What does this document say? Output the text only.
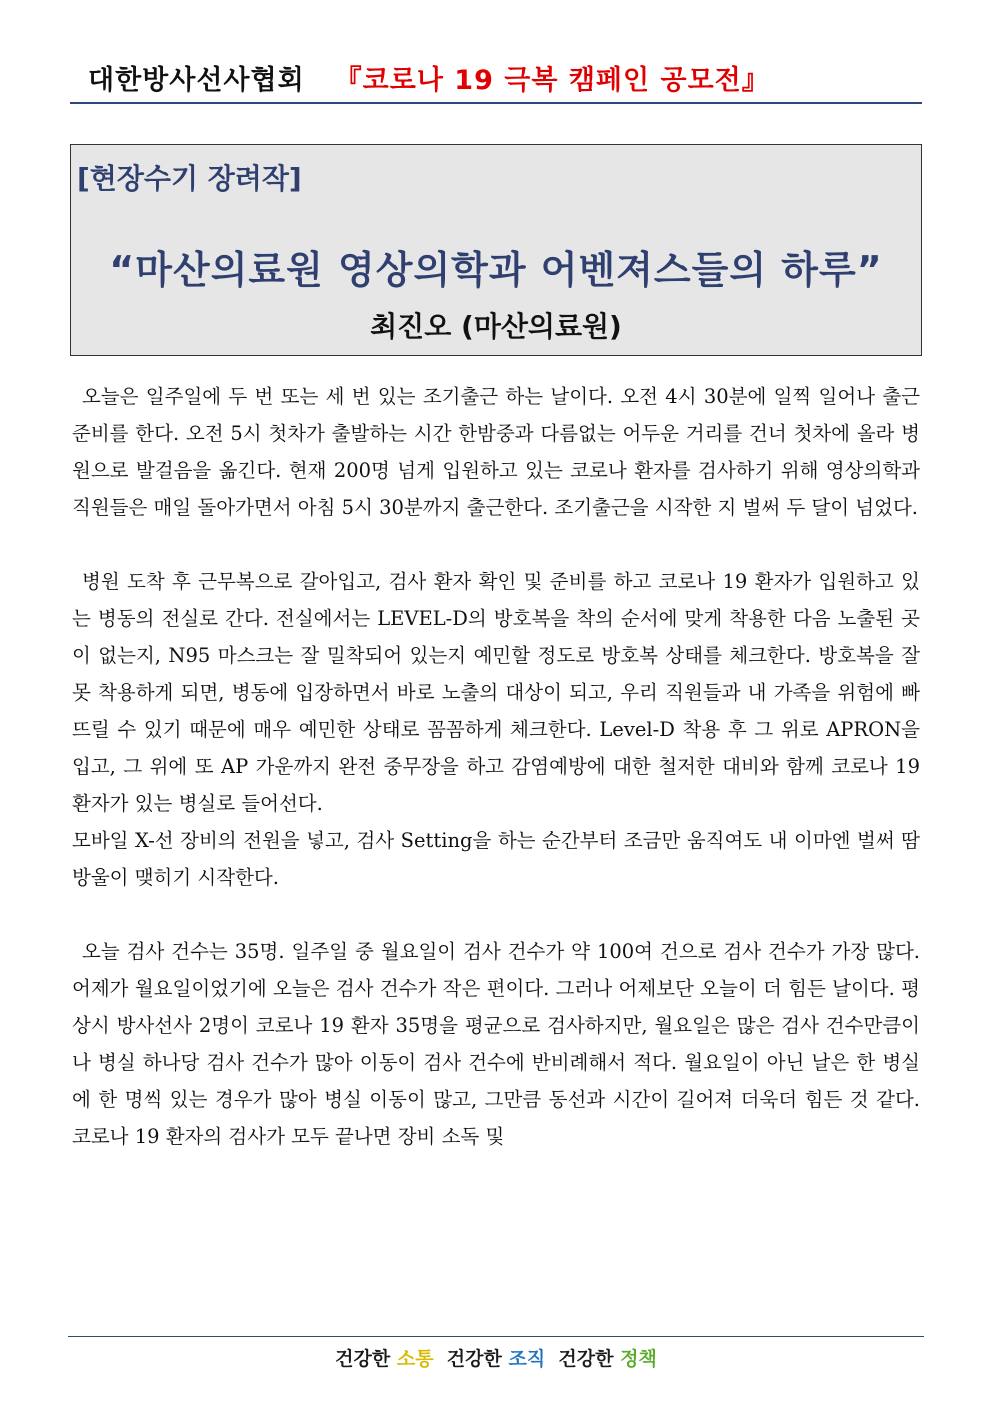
대한방사선사협회 『코로나 19 극복 캠페인 공모전』
[현장수기 장려작]
“마산의료원 영상의학과 어벤져스들의 하루”
최진오 (마산의료원)

오늘은 일주일에 두 번 또는 세 번 있는 조기출근 하는 날이다. 오전 4시 30분에 일찍 일어나 출근 준비를 한다. 오전 5시 첫차가 출발하는 시간 한밤중과 다름없는 어두운 거리를 건너 첫차에 올라 병원으로 발걸음을 옮긴다. 현재 200명 넘게 입원하고 있는 코로나 환자를 검사하기 위해 영상의학과 직원들은 매일 돌아가면서 아침 5시 30분까지 출근한다. 조기출근을 시작한 지 벌써 두 달이 넘었다.

병원 도착 후 근무복으로 갈아입고, 검사 환자 확인 및 준비를 하고 코로나 19 환자가 입원하고 있는 병동의 전실로 간다. 전실에서는 LEVEL-D의 방호복을 착의 순서에 맞게 착용한 다음 노출된 곳이 없는지, N95 마스크는 잘 밀착되어 있는지 예민할 정도로 방호복 상태를 체크한다. 방호복을 잘못 착용하게 되면, 병동에 입장하면서 바로 노출의 대상이 되고, 우리 직원들과 내 가족을 위험에 빠뜨릴 수 있기 때문에 매우 예민한 상태로 꼼꼼하게 체크한다. Level-D 착용 후 그 위로 APRON을 입고, 그 위에 또 AP 가운까지 완전 중무장을 하고 감염예방에 대한 철저한 대비와 함께 코로나 19 환자가 있는 병실로 들어선다.

모바일 X-선 장비의 전원을 넣고, 검사 Setting을 하는 순간부터 조금만 움직여도 내 이마엔 벌써 땀방울이 맺히기 시작한다.

오늘 검사 건수는 35명. 일주일 중 월요일이 검사 건수가 약 100여 건으로 검사 건수가 가장 많다. 어제가 월요일이었기에 오늘은 검사 건수가 작은 편이다. 그러나 어제보단 오늘이 더 힘든 날이다. 평상시 방사선사 2명이 코로나 19 환자 35명을 평균으로 검사하지만, 월요일은 많은 검사 건수만큼이나 병실 하나당 검사 건수가 많아 이동이 검사 건수에 반비례해서 적다. 월요일이 아닌 날은 한 병실에 한 명씩 있는 경우가 많아 병실 이동이 많고, 그만큼 동선과 시간이 길어져 더욱더 힘든 것 같다. 코로나 19 환자의 검사가 모두 끝나면 장비 소독 및

건강한 소통  건강한 조직  건강한 정책
